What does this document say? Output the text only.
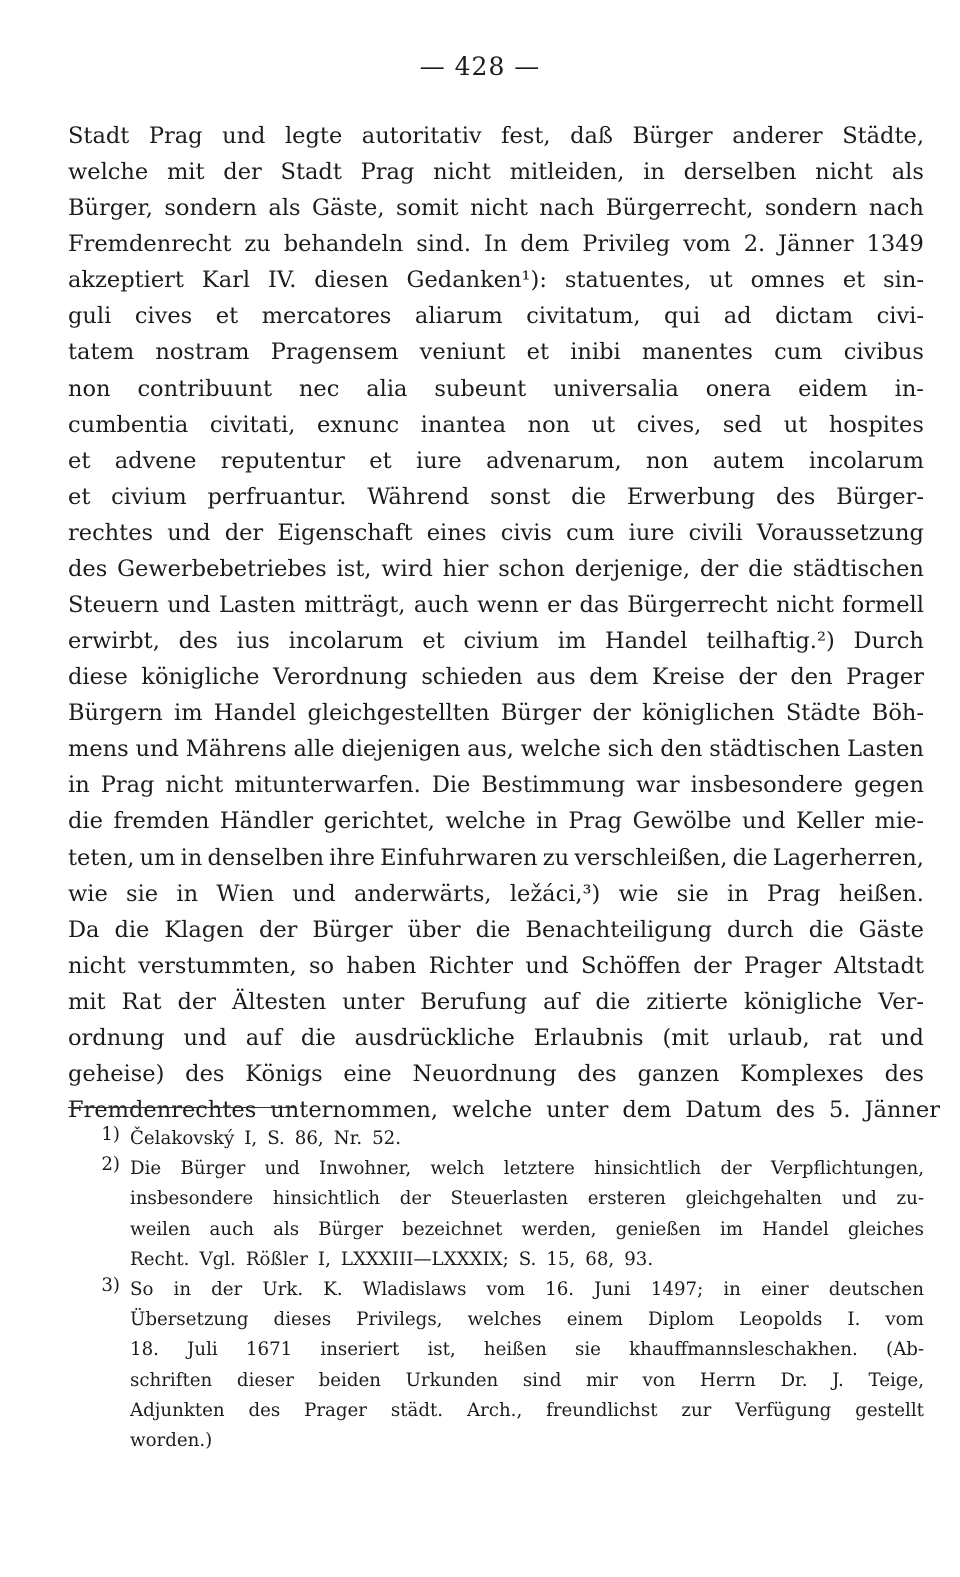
— 428 —
Stadt Prag und legte autoritativ fest, daß Bürger anderer Städte,
welche mit der Stadt Prag nicht mitleiden, in derselben nicht als
Bürger, sondern als Gäste, somit nicht nach Bürgerrecht, sondern nach
Fremdenrecht zu behandeln sind. In dem Privileg vom 2. Jänner 1349
akzeptiert Karl IV. diesen Gedanken¹): statuentes, ut omnes et sin-
guli cives et mercatores aliarum civitatum, qui ad dictam civi-
tatem nostram Pragensem veniunt et inibi manentes cum civibus
non contribuunt nec alia subeunt universalia onera eidem in-
cumbentia civitati, exnunc inantea non ut cives, sed ut hospites
et advene reputentur et iure advenarum, non autem incolarum
et civium perfruantur. Während sonst die Erwerbung des Bürger-
rechtes und der Eigenschaft eines civis cum iure civili Voraussetzung
des Gewerbebetriebes ist, wird hier schon derjenige, der die städtischen
Steuern und Lasten mitträgt, auch wenn er das Bürgerrecht nicht formell
erwirbt, des ius incolarum et civium im Handel teilhaftig.²) Durch
diese königliche Verordnung schieden aus dem Kreise der den Prager
Bürgern im Handel gleichgestellten Bürger der königlichen Städte Böh-
mens und Mährens alle diejenigen aus, welche sich den städtischen Lasten
in Prag nicht mitunterwarfen. Die Bestimmung war insbesondere gegen
die fremden Händler gerichtet, welche in Prag Gewölbe und Keller mie-
teten, um in denselben ihre Einfuhrwaren zu verschleißen, die Lagerherren,
wie sie in Wien und anderwärts, ležáci,³) wie sie in Prag heißen.
Da die Klagen der Bürger über die Benachteiligung durch die Gäste
nicht verstummten, so haben Richter und Schöffen der Prager Altstadt
mit Rat der Ältesten unter Berufung auf die zitierte königliche Ver-
ordnung und auf die ausdrückliche Erlaubnis (mit urlaub, rat und
geheise) des Königs eine Neuordnung des ganzen Komplexes des
Fremdenrechtes unternommen, welche unter dem Datum des 5. Jänner
1) Čelakovský I, S. 86, Nr. 52.
2) Die Bürger und Inwohner, welch letztere hinsichtlich der Verpflichtungen,
insbesondere hinsichtlich der Steuerlasten ersteren gleichgehalten und zu-
weilen auch als Bürger bezeichnet werden, genießen im Handel gleiches
Recht. Vgl. Rößler I, LXXXIII—LXXXIX; S. 15, 68, 93.
3) So in der Urk. K. Wladislaws vom 16. Juni 1497; in einer deutschen
Übersetzung dieses Privilegs, welches einem Diplom Leopolds I. vom
18. Juli 1671 inseriert ist, heißen sie khauffmannsleschakhen. (Ab-
schriften dieser beiden Urkunden sind mir von Herrn Dr. J. Teige,
Adjunkten des Prager städt. Arch., freundlichst zur Verfügung gestellt
worden.)
